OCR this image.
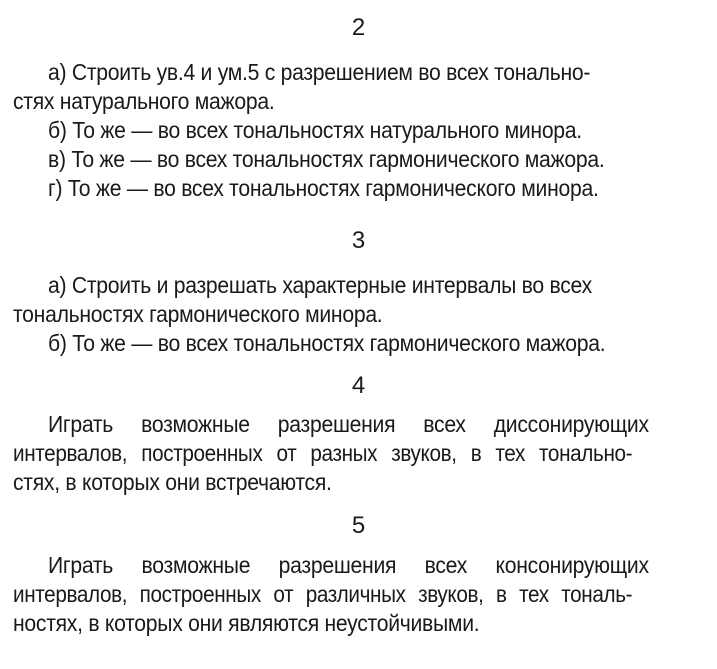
2
а) Строить ув.4 и ум.5 с разрешением во всех тонально-
стях натурального мажора.
б) То же — во всех тональностях натурального минора.
в) То же — во всех тональностях гармонического мажора.
г) То же — во всех тональностях гармонического минора.
3
а) Строить и разрешать характерные интервалы во всех
тональностях гармонического минора.
б) То же — во всех тональностях гармонического мажора.
4
Играть возможные разрешения всех диссонирующих
интервалов, построенных от разных звуков, в тех тонально-
стях, в которых они встречаются.
5
Играть возможные разрешения всех консонирующих
интервалов, построенных от различных звуков, в тех тональ-
ностях, в которых они являются неустойчивыми.
